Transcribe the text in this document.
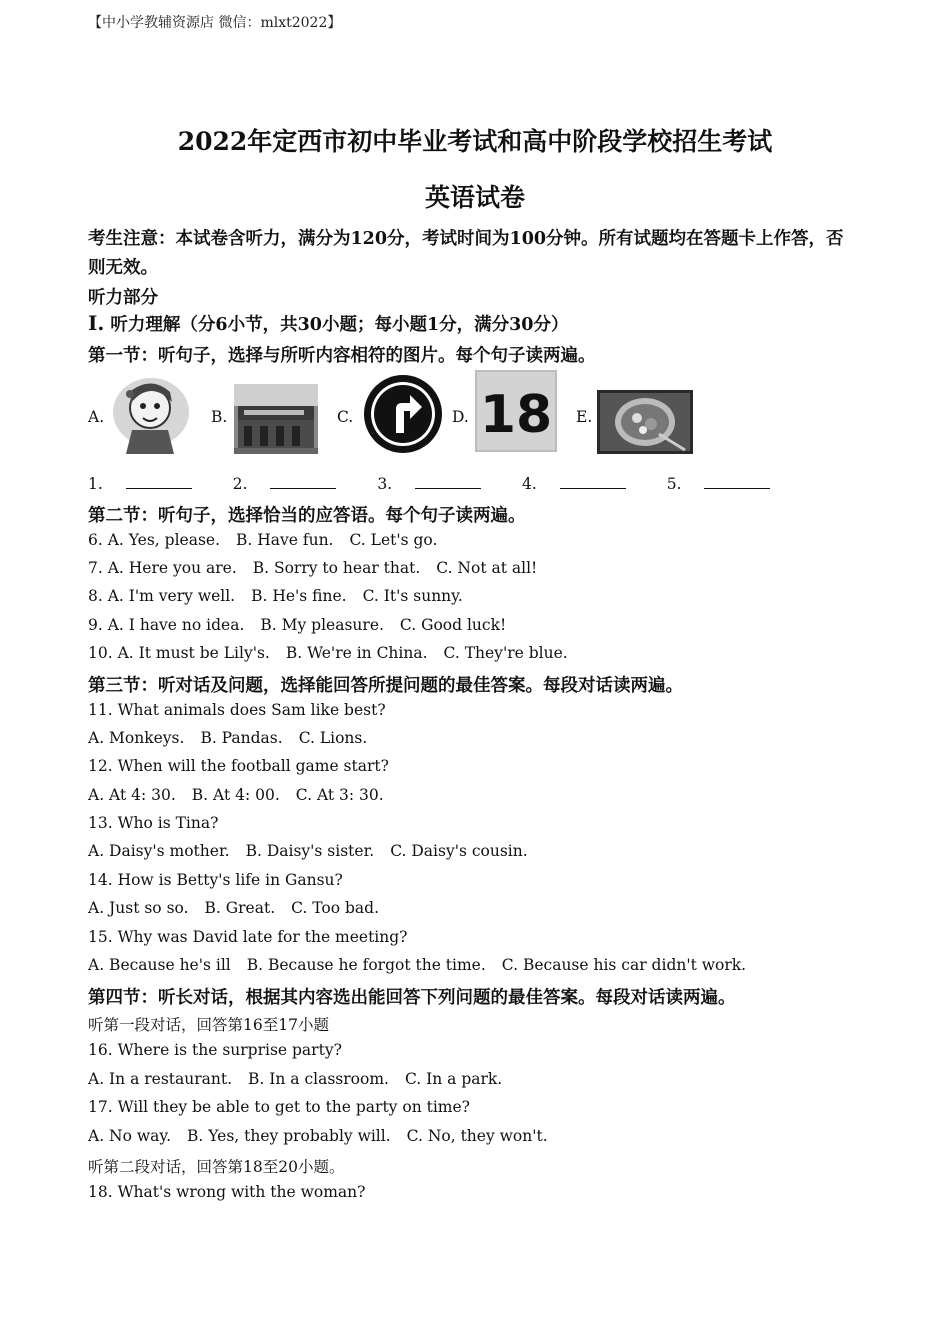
【中小学教辅资源店 微信：mlxt2022】
2022年定西市初中毕业考试和高中阶段学校招生考试
英语试卷
考生注意：本试卷含听力，满分为120分，考试时间为100分钟。所有试题均在答题卡上作答，否则无效。
听力部分
I. 听力理解（分6小节，共30小题；每小题1分，满分30分）
第一节：听句子，选择与所听内容相符的图片。每个句子读两遍。
A.	B.	C.	D. 18 E.
1.	2.	3.	4.	5.
第二节：听句子，选择恰当的应答语。每个句子读两遍。
6. A. Yes, please. B. Have fun. C. Let's go.
7. A. Here you are. B. Sorry to hear that. C. Not at all!
8. A. I'm very well. B. He's fine. C. It's sunny.
9. A. I have no idea. B. My pleasure. C. Good luck!
10. A. It must be Lily's. B. We're in China. C. They're blue.
第三节：听对话及问题，选择能回答所提问题的最佳答案。每段对话读两遍。
11. What animals does Sam like best?
A. Monkeys. B. Pandas. C. Lions.
12. When will the football game start?
A. At 4: 30. B. At 4: 00. C. At 3: 30.
13. Who is Tina?
A. Daisy's mother. B. Daisy's sister. C. Daisy's cousin.
14. How is Betty's life in Gansu?
A. Just so so. B. Great. C. Too bad.
15. Why was David late for the meeting?
A. Because he's ill B. Because he forgot the time. C. Because his car didn't work.
第四节：听长对话，根据其内容选出能回答下列问题的最佳答案。每段对话读两遍。
听第一段对话，回答第16至17小题
16. Where is the surprise party?
A. In a restaurant. B. In a classroom. C. In a park.
17. Will they be able to get to the party on time?
A. No way. B. Yes, they probably will. C. No, they won't.
听第二段对话，回答第18至20小题。
18. What's wrong with the woman?
